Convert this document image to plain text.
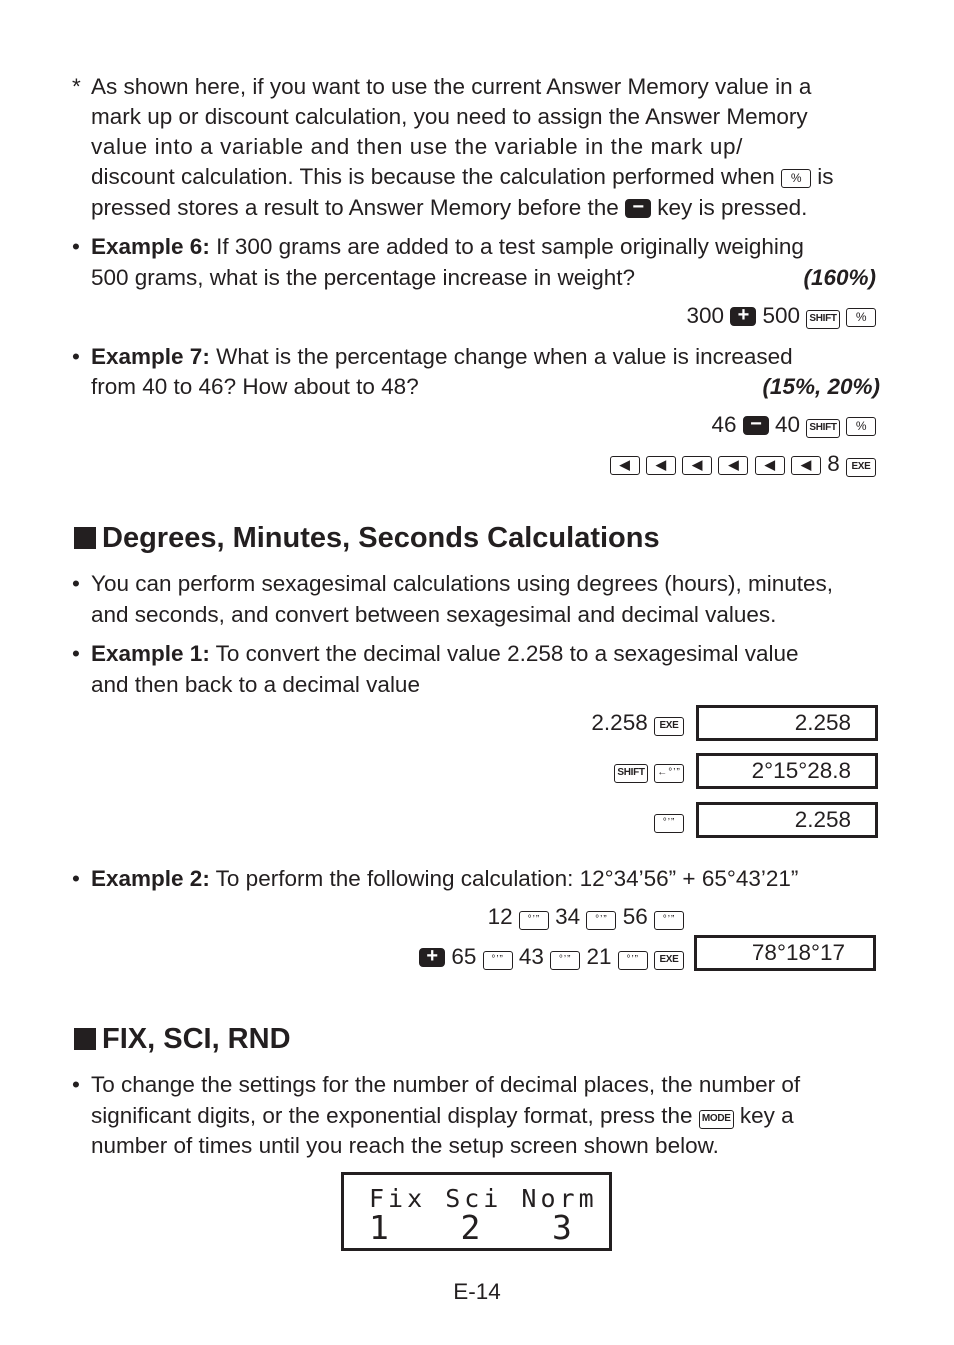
* As shown here, if you want to use the current Answer Memory value in a
mark up or discount calculation, you need to assign the Answer Memory
value into a variable and then use the variable in the mark up/
discount calculation. This is because the calculation performed when % is
pressed stores a result to Answer Memory before the − key is pressed.
• Example 6: If 300 grams are added to a test sample originally weighing
500 grams, what is the percentage increase in weight?	(160%)
300 + 500 SHIFT %
• Example 7: What is the percentage change when a value is increased
from 40 to 46? How about to 48?	(15%, 20%)
46 − 40 SHIFT %
◀ ◀ ◀ ◀ ◀ ◀ 8 EXE
Degrees, Minutes, Seconds Calculations
• You can perform sexagesimal calculations using degrees (hours), minutes,
and seconds, and convert between sexagesimal and decimal values.
• Example 1: To convert the decimal value 2.258 to a sexagesimal value
and then back to a decimal value
2.258 EXE	2.258
SHIFT ←°’”	2°15°28.8
°’”	2.258
• Example 2: To perform the following calculation: 12°34’56” + 65°43’21”
12 °’” 34 °’” 56 °’”
+ 65 °’” 43 °’” 21 °’” EXE	78°18°17
FIX, SCI, RND
• To change the settings for the number of decimal places, the number of
significant digits, or the exponential display format, press the MODE key a
number of times until you reach the setup screen shown below.
Fix Sci Norm
1   2   3
E-14
